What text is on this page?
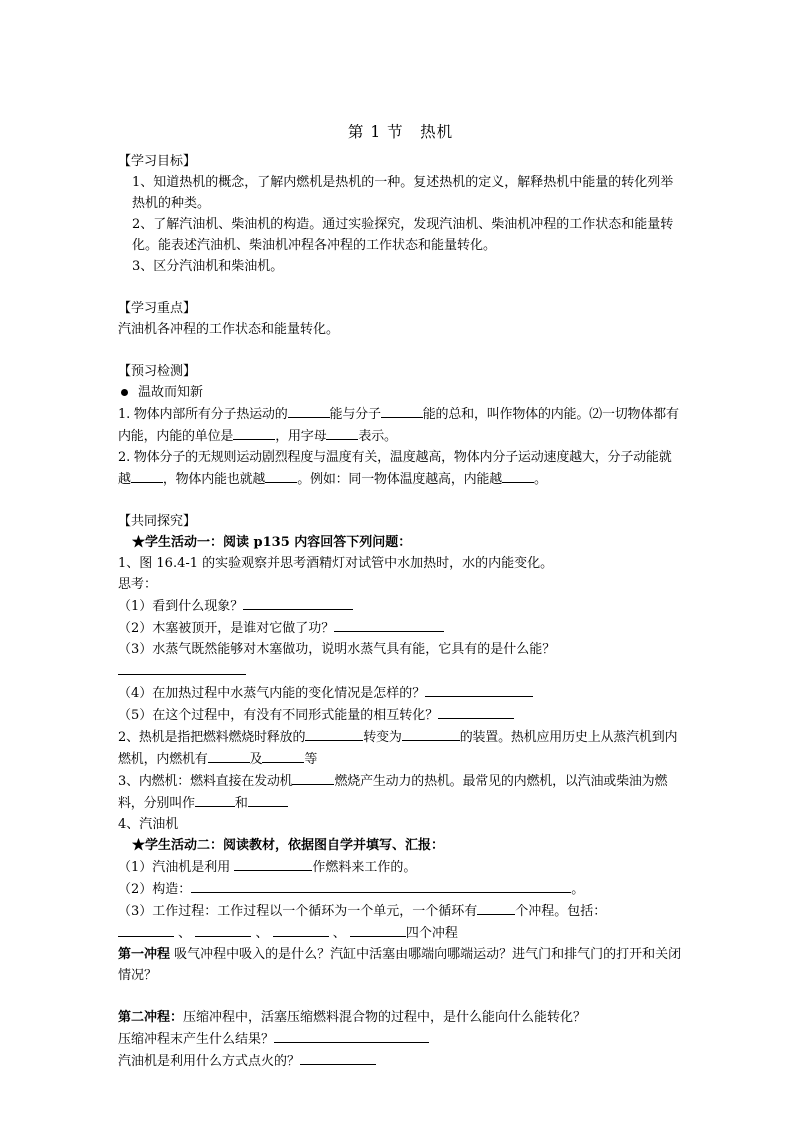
第 1 节　热机
【学习目标】
1、知道热机的概念，了解内燃机是热机的一种。复述热机的定义，解释热机中能量的转化列举热机的种类。
2、了解汽油机、柴油机的构造。通过实验探究，发现汽油机、柴油机冲程的工作状态和能量转化。能表述汽油机、柴油机冲程各冲程的工作状态和能量转化。
3、区分汽油机和柴油机。
【学习重点】
汽油机各冲程的工作状态和能量转化。
【预习检测】
温故而知新
1. 物体内部所有分子热运动的	能与分子	能的总和，叫作物体的内能。⑵一切物体都有内能，内能的单位是	，用字母 表示。
2. 物体分子的无规则运动剧烈程度与温度有关，温度越高，物体内分子运动速度越大，分子动能就越 ，物体内能也就越 。例如：同一物体温度越高，内能越 。
【共同探究】
★学生活动一：阅读 p135 内容回答下列问题：
1、图 16.4-1 的实验观察并思考酒精灯对试管中水加热时，水的内能变化。
思考：
（1）看到什么现象？
（2）木塞被顶开，是谁对它做了功？
（3）水蒸气既然能够对木塞做功，说明水蒸气具有能，它具有的是什么能？
（4）在加热过程中水蒸气内能的变化情况是怎样的？
（5）在这个过程中，有没有不同形式能量的相互转化？
2、热机是指把燃料燃烧时释放的	转变为	的装置。热机应用历史上从蒸汽机到内燃机，内燃机有	及	等
3、内燃机：燃料直接在发动机	燃烧产生动力的热机。最常见的内燃机，以汽油或柴油为燃料，分别叫作	和
4、汽油机
★学生活动二：阅读教材，依据图自学并填写、汇报：
（1）汽油机是利用	作燃料来工作的。
（2）构造：	。
（3）工作过程：工作过程以一个循环为一个单元，一个循环有	个冲程。包括：
、	、	、	四个冲程
第一冲程 吸气冲程中吸入的是什么？汽缸中活塞由哪端向哪端运动？进气门和排气门的打开和关闭情况？
第二冲程：压缩冲程中，活塞压缩燃料混合物的过程中，是什么能向什么能转化？
压缩冲程末产生什么结果？
汽油机是利用什么方式点火的？
